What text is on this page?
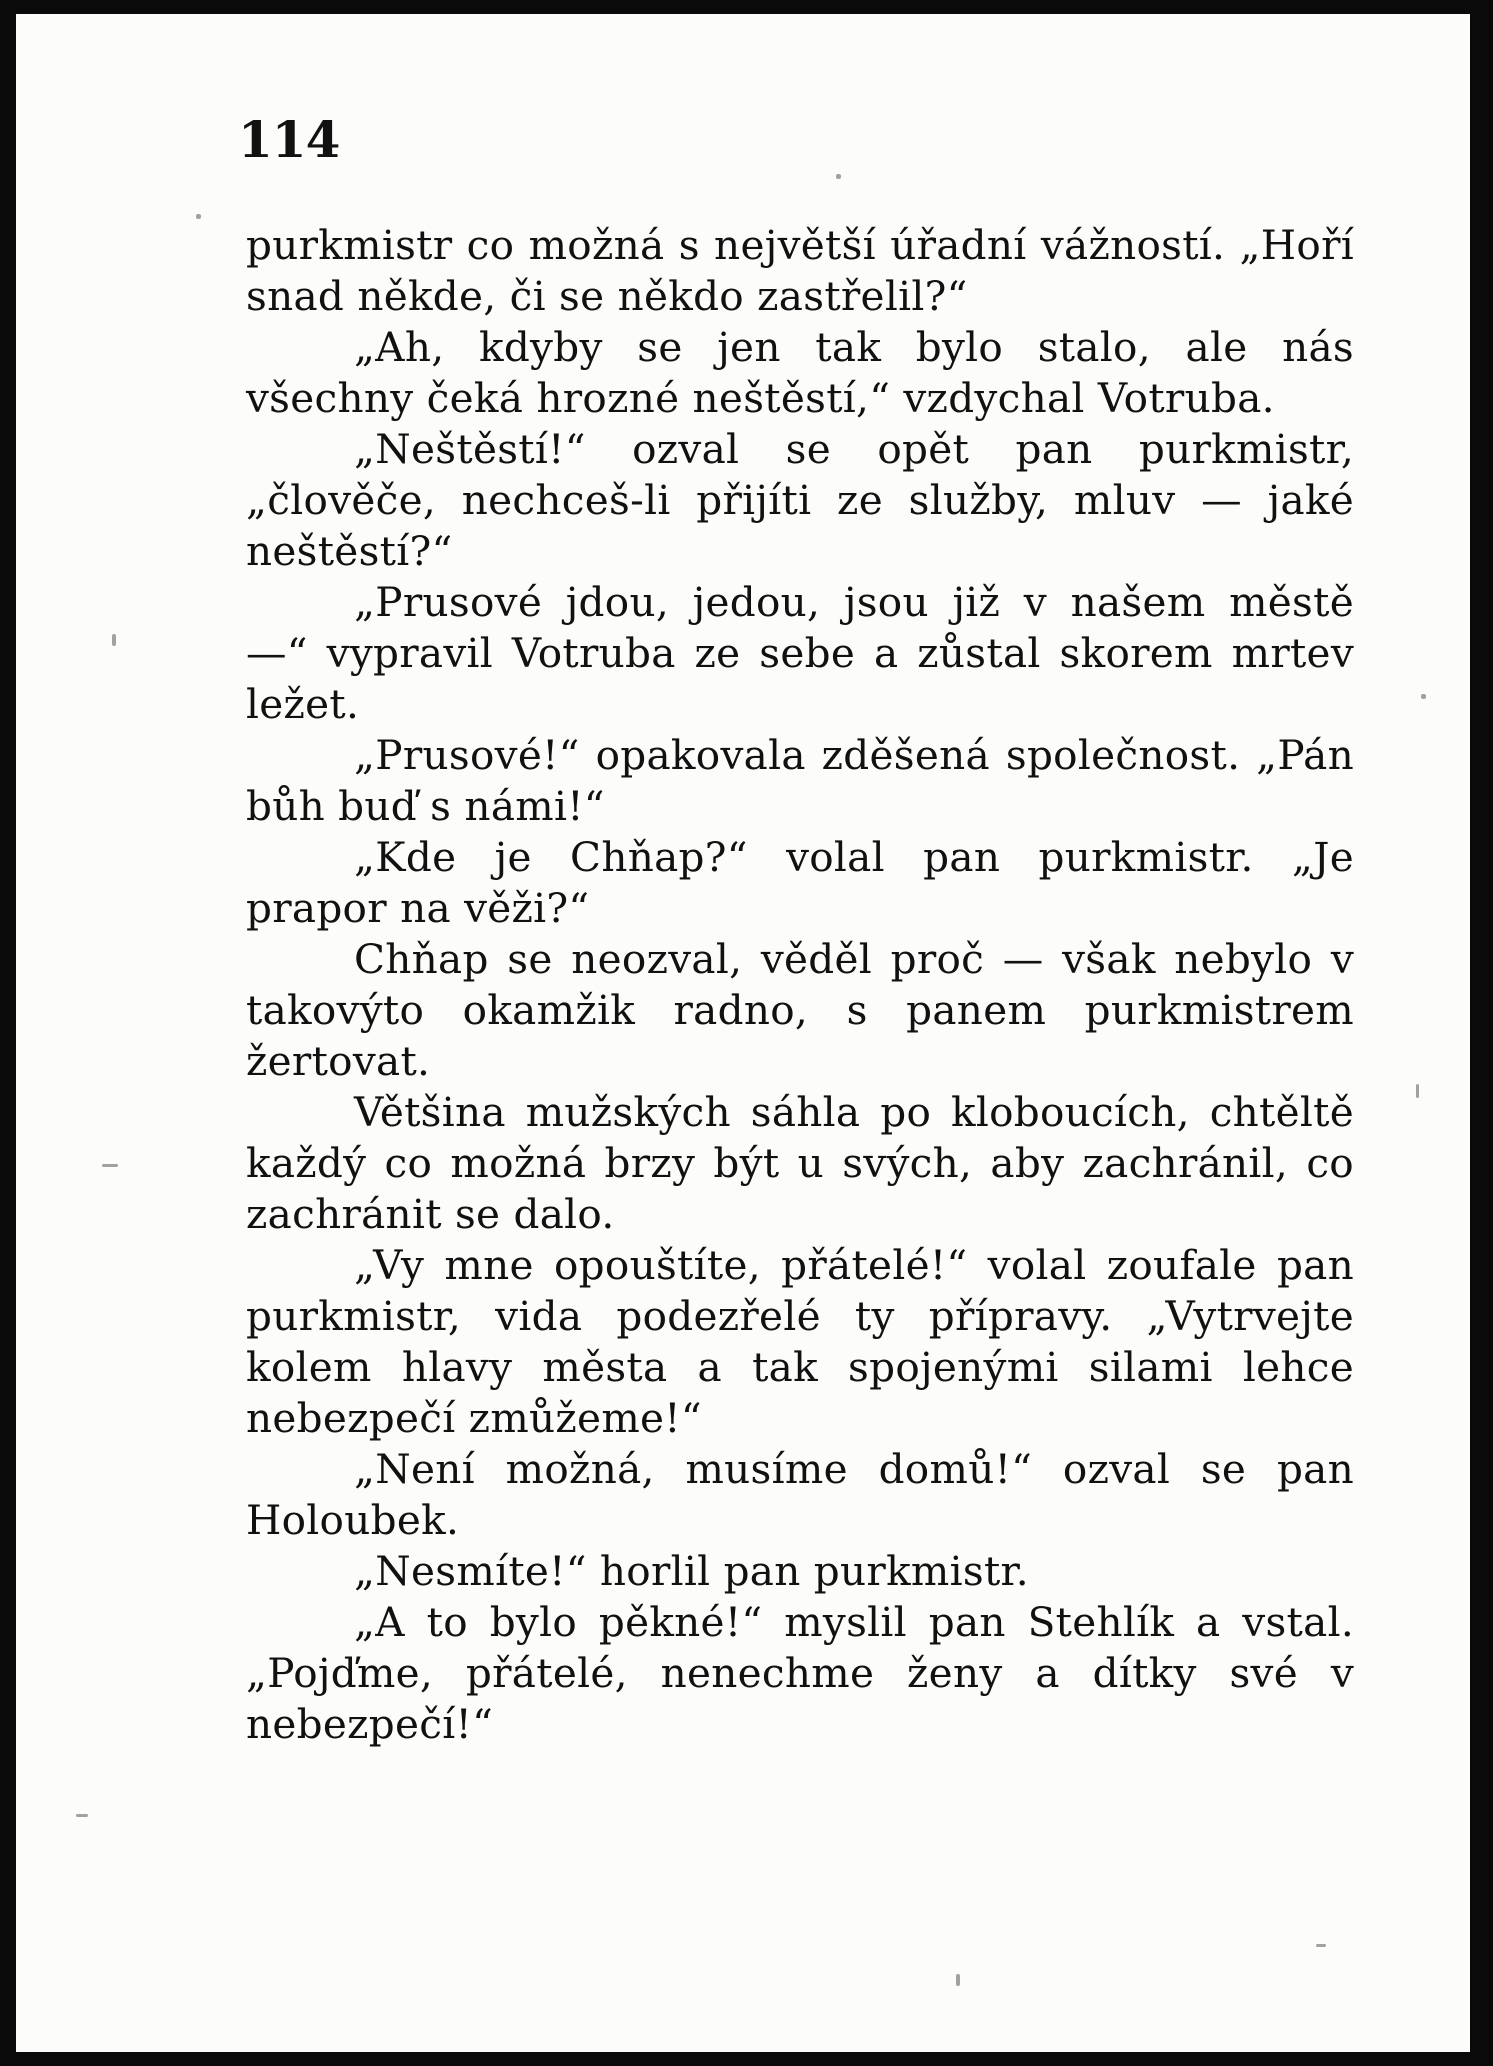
114

purkmistr co možná s největší úřadní vážností. „Hoří snad někde, či se někdo zastřelil?“

„Ah, kdyby se jen tak bylo stalo, ale nás všechny čeká hrozné neštěstí,“ vzdychal Votruba.

„Neštěstí!“ ozval se opět pan purkmistr, „člověče, nechceš-li přijíti ze služby, mluv — jaké neštěstí?“

„Prusové jdou, jedou, jsou již v našem městě —“ vypravil Votruba ze sebe a zůstal skorem mrtev ležet.

„Prusové!“ opakovala zděšená společnost. „Pán bůh buď s námi!“

„Kde je Chňap?“ volal pan purkmistr. „Je prapor na věži?“

Chňap se neozval, věděl proč — však nebylo v takovýto okamžik radno, s panem purkmistrem žertovat.

Většina mužských sáhla po kloboucích, chtěltě každý co možná brzy být u svých, aby zachránil, co zachránit se dalo.

„Vy mne opouštíte, přátelé!“ volal zoufale pan purkmistr, vida podezřelé ty přípravy. „Vytrvejte kolem hlavy města a tak spojenými silami lehce nebezpečí zmůžeme!“

„Není možná, musíme domů!“ ozval se pan Holoubek.

„Nesmíte!“ horlil pan purkmistr.

„A to bylo pěkné!“ myslil pan Stehlík a vstal. „Pojďme, přátelé, nenechme ženy a dítky své v nebezpečí!“
